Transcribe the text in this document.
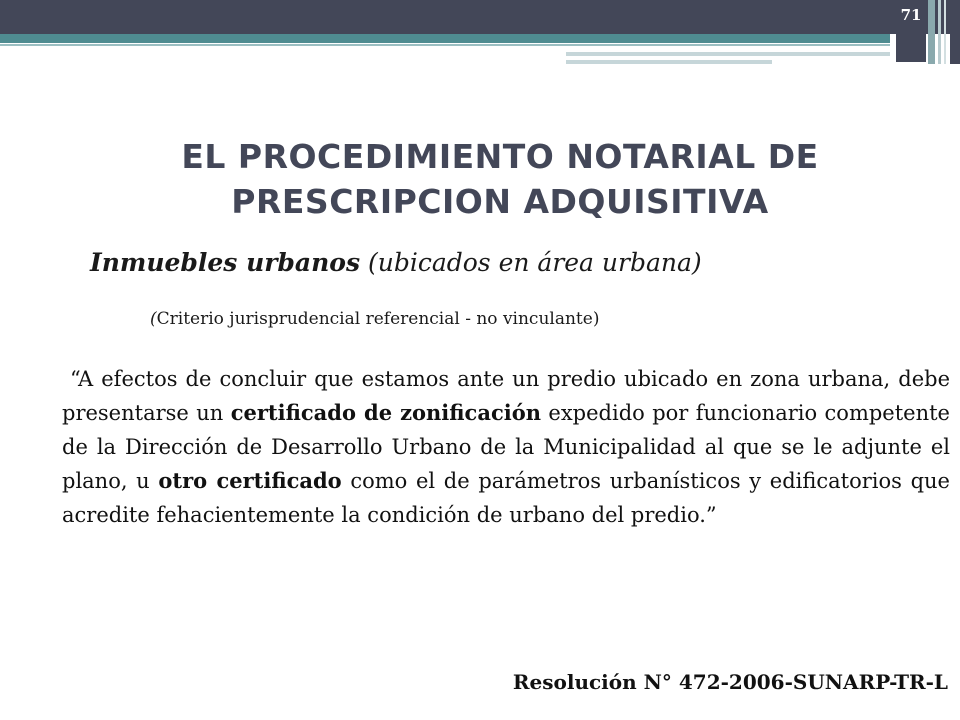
71
EL PROCEDIMIENTO NOTARIAL DE
PRESCRIPCION ADQUISITIVA
Inmuebles urbanos (ubicados en área urbana)
(Criterio jurisprudencial referencial - no vinculante)
“A efectos de concluir que estamos ante un predio ubicado en zona urbana, debe presentarse un certificado de zonificación expedido por funcionario competente de la Dirección de Desarrollo Urbano de la Municipalidad al que se le adjunte el plano, u otro certificado como el de parámetros urbanísticos y edificatorios que acredite fehacientemente la condición de urbano del predio.”
Resolución N° 472-2006-SUNARP-TR-L
